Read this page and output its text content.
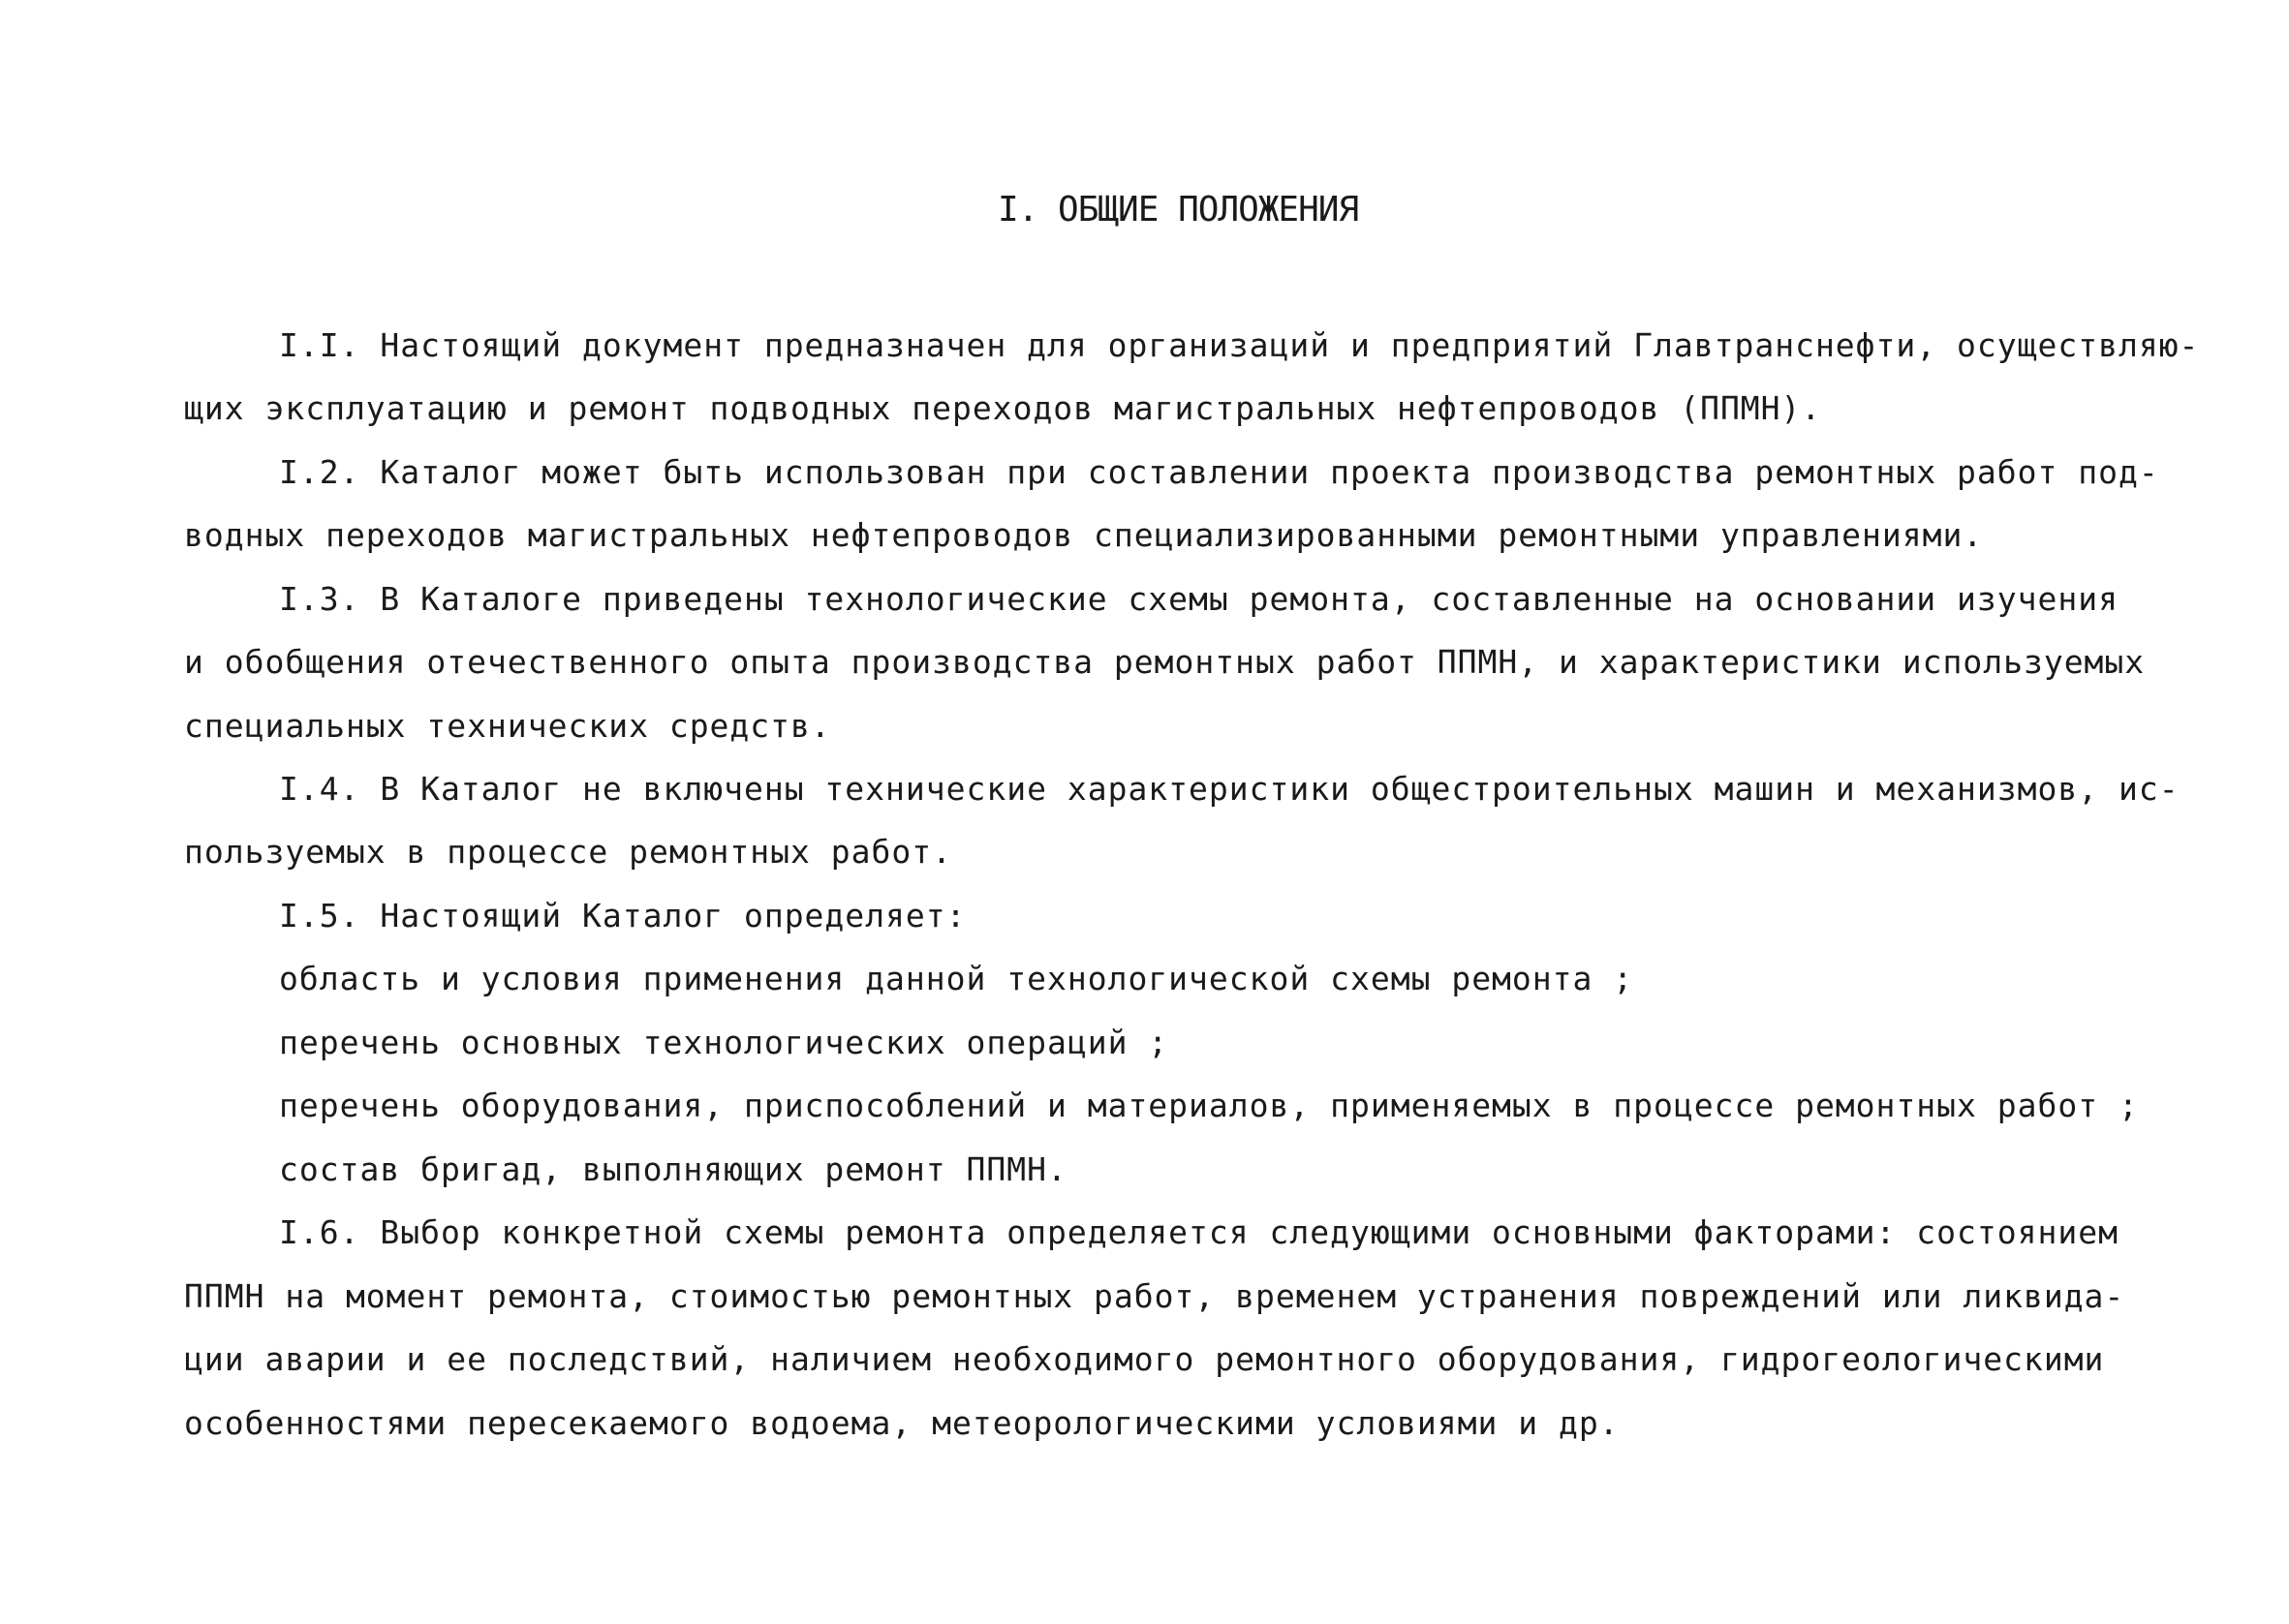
I. ОБЩИЕ ПОЛОЖЕНИЯ
I.I. Настоящий документ предназначен для организаций и предприятий Главтранснефти, осуществляю-
щих эксплуатацию и ремонт подводных переходов магистральных нефтепроводов (ППМН).
I.2. Каталог может быть использован при составлении проекта производства ремонтных работ под-
водных переходов магистральных нефтепроводов специализированными ремонтными управлениями.
I.3. В Каталоге приведены технологические схемы ремонта, составленные на основании изучения
и обобщения отечественного опыта производства ремонтных работ ППМН, и характеристики используемых
специальных технических средств.
I.4. В Каталог не включены технические характеристики общестроительных машин и механизмов, ис-
пользуемых в процессе ремонтных работ.
I.5. Настоящий Каталог определяет:
область и условия применения данной технологической схемы ремонта ;
перечень основных технологических операций ;
перечень оборудования, приспособлений и материалов, применяемых в процессе ремонтных работ ;
состав бригад, выполняющих ремонт ППМН.
I.6. Выбор конкретной схемы ремонта определяется следующими основными факторами: состоянием
ППМН на момент ремонта, стоимостью ремонтных работ, временем устранения повреждений или ликвида-
ции аварии и ее последствий, наличием необходимого ремонтного оборудования, гидрогеологическими
особенностями пересекаемого водоема, метеорологическими условиями и др.
